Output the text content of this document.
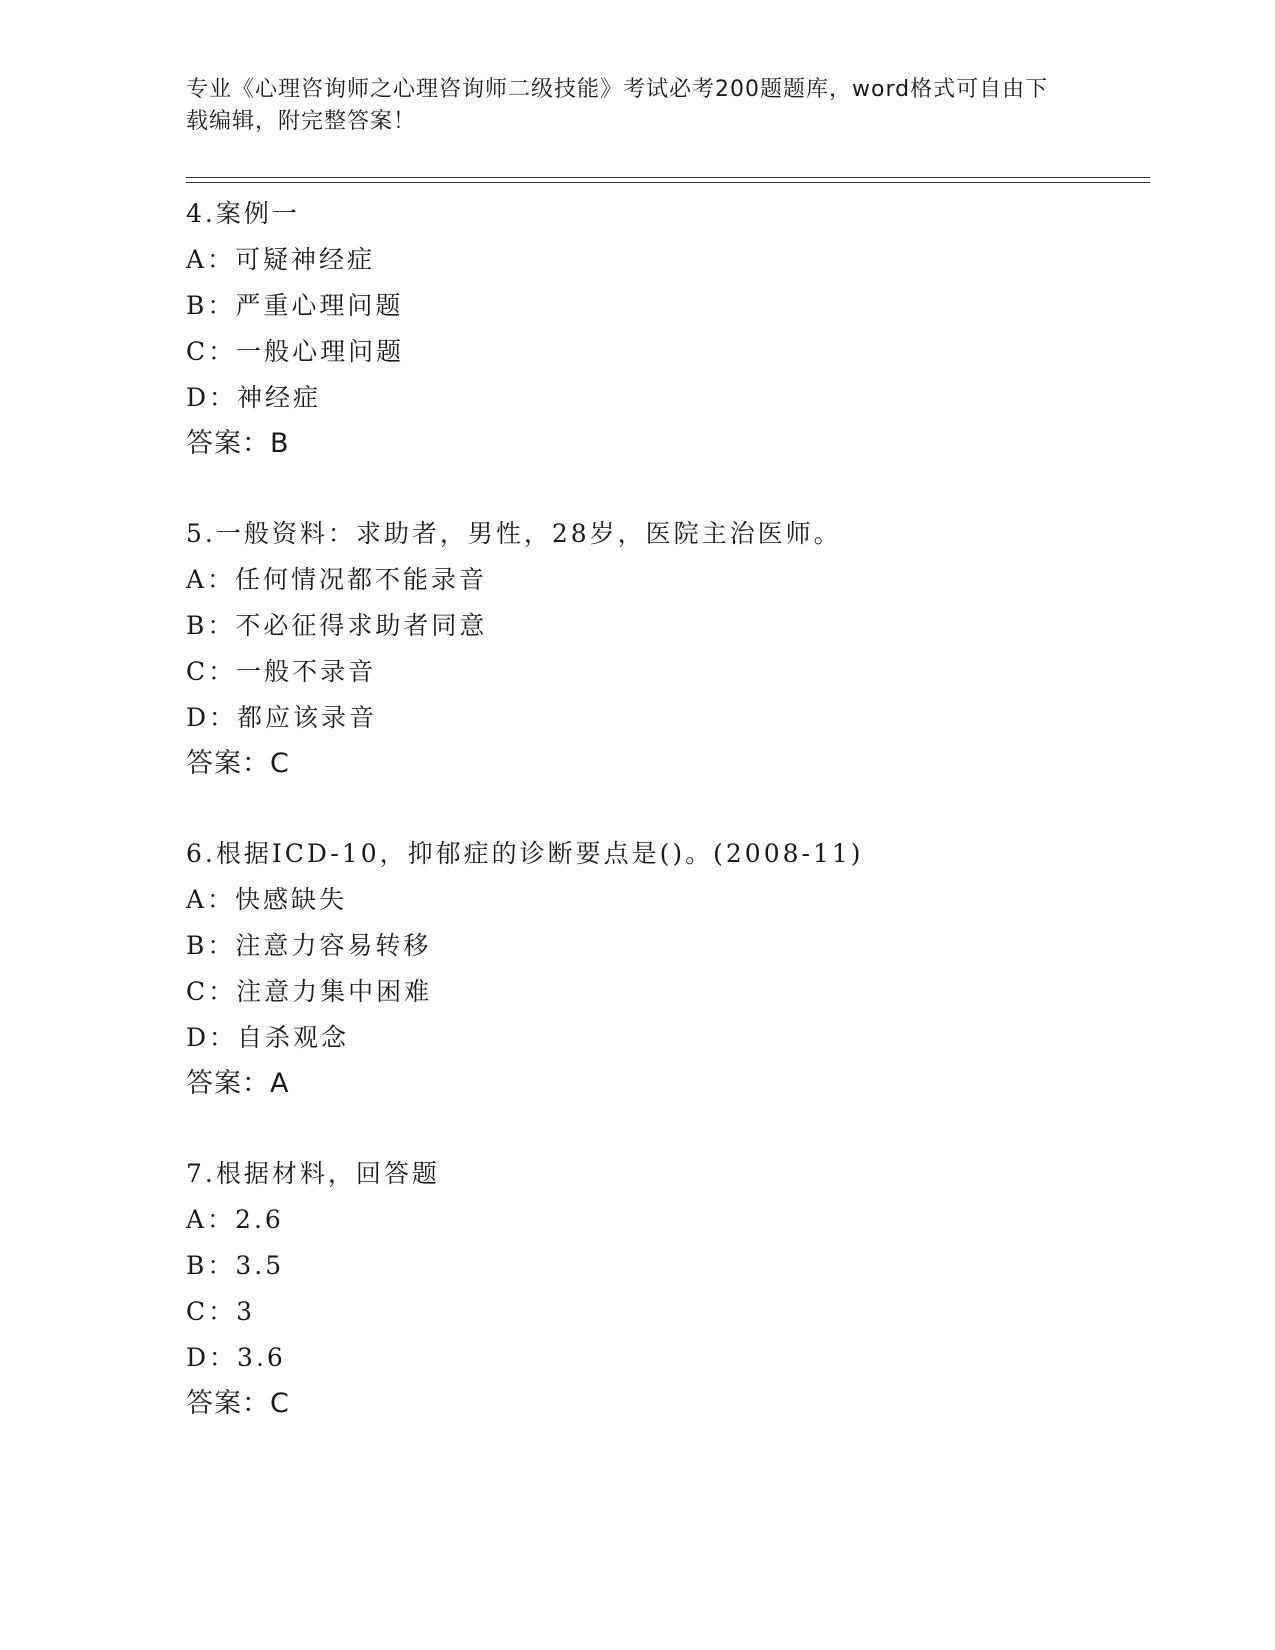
专业《心理咨询师之心理咨询师二级技能》考试必考200题题库，word格式可自由下载编辑，附完整答案！
4.案例一
A：可疑神经症
B：严重心理问题
C：一般心理问题
D：神经症
答案：B
5.一般资料：求助者，男性，28岁，医院主治医师。
A：任何情况都不能录音
B：不必征得求助者同意
C：一般不录音
D：都应该录音
答案：C
6.根据ICD-10，抑郁症的诊断要点是()。(2008-11)
A：快感缺失
B：注意力容易转移
C：注意力集中困难
D：自杀观念
答案：A
7.根据材料，回答题
A：2.6
B：3.5
C：3
D：3.6
答案：C
